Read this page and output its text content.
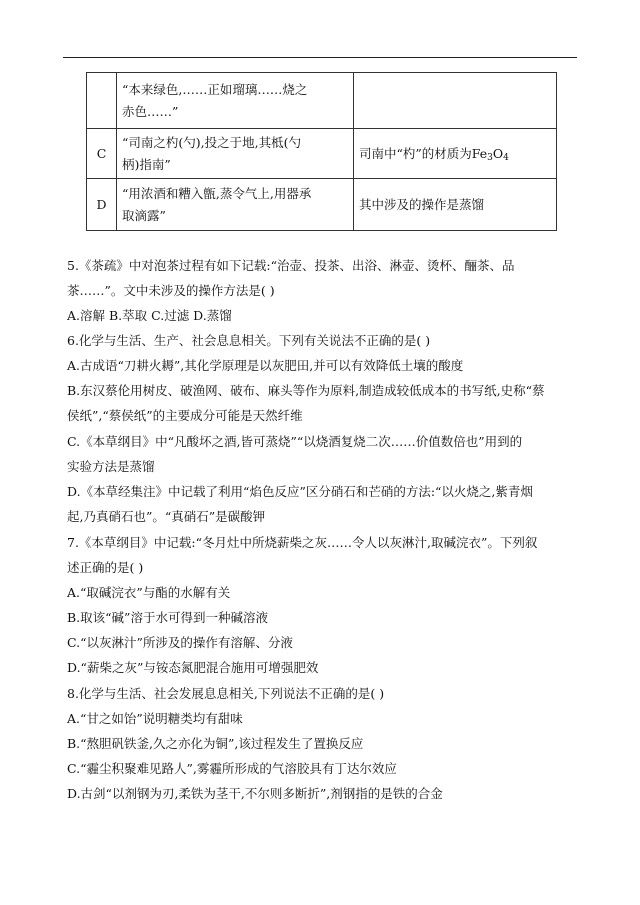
	“本来绿色,……正如瑠璃……烧之
赤色……”	

C	“司南之杓(勺),投之于地,其柢(勺
柄)指南”	司南中“杓”的材质为$Fe_3O_4$
D	“用浓酒和糟入甑,蒸令气上,用器承
取滴露”	其中涉及的操作是蒸馏
5.《茶疏》中对泡茶过程有如下记载:“治壶、投茶、出浴、淋壶、烫杯、酾茶、品
茶……”。文中未涉及的操作方法是( )
A.溶解 B.萃取 C.过滤 D.蒸馏
6.化学与生活、生产、社会息息相关。下列有关说法不正确的是( )
A.古成语“刀耕火耨”,其化学原理是以灰肥田,并可以有效降低土壤的酸度
B.东汉蔡伦用树皮、破渔网、破布、麻头等作为原料,制造成较低成本的书写纸,史称“蔡
侯纸”,“蔡侯纸”的主要成分可能是天然纤维
C.《本草纲目》中“凡酸坏之酒,皆可蒸烧”“以烧酒复烧二次……价值数倍也”用到的
实验方法是蒸馏
D.《本草经集注》中记载了利用“焰色反应”区分硝石和芒硝的方法:“以火烧之,紫青烟
起,乃真硝石也”。“真硝石”是碳酸钾
7.《本草纲目》中记载:“冬月灶中所烧薪柴之灰……令人以灰淋汁,取碱浣衣”。下列叙
述正确的是( )
A.“取碱浣衣”与酯的水解有关
B.取该“碱”溶于水可得到一种碱溶液
C.“以灰淋汁”所涉及的操作有溶解、分液
D.“薪柴之灰”与铵态氮肥混合施用可增强肥效
8.化学与生活、社会发展息息相关,下列说法不正确的是( )
A.“甘之如饴”说明糖类均有甜味
B.“熬胆矾铁釜,久之亦化为铜”,该过程发生了置换反应
C.“霾尘积聚难见路人”,雾霾所形成的气溶胶具有丁达尔效应
D.古剑“以剂钢为刃,柔铁为茎干,不尔则多断折”,剂钢指的是铁的合金
